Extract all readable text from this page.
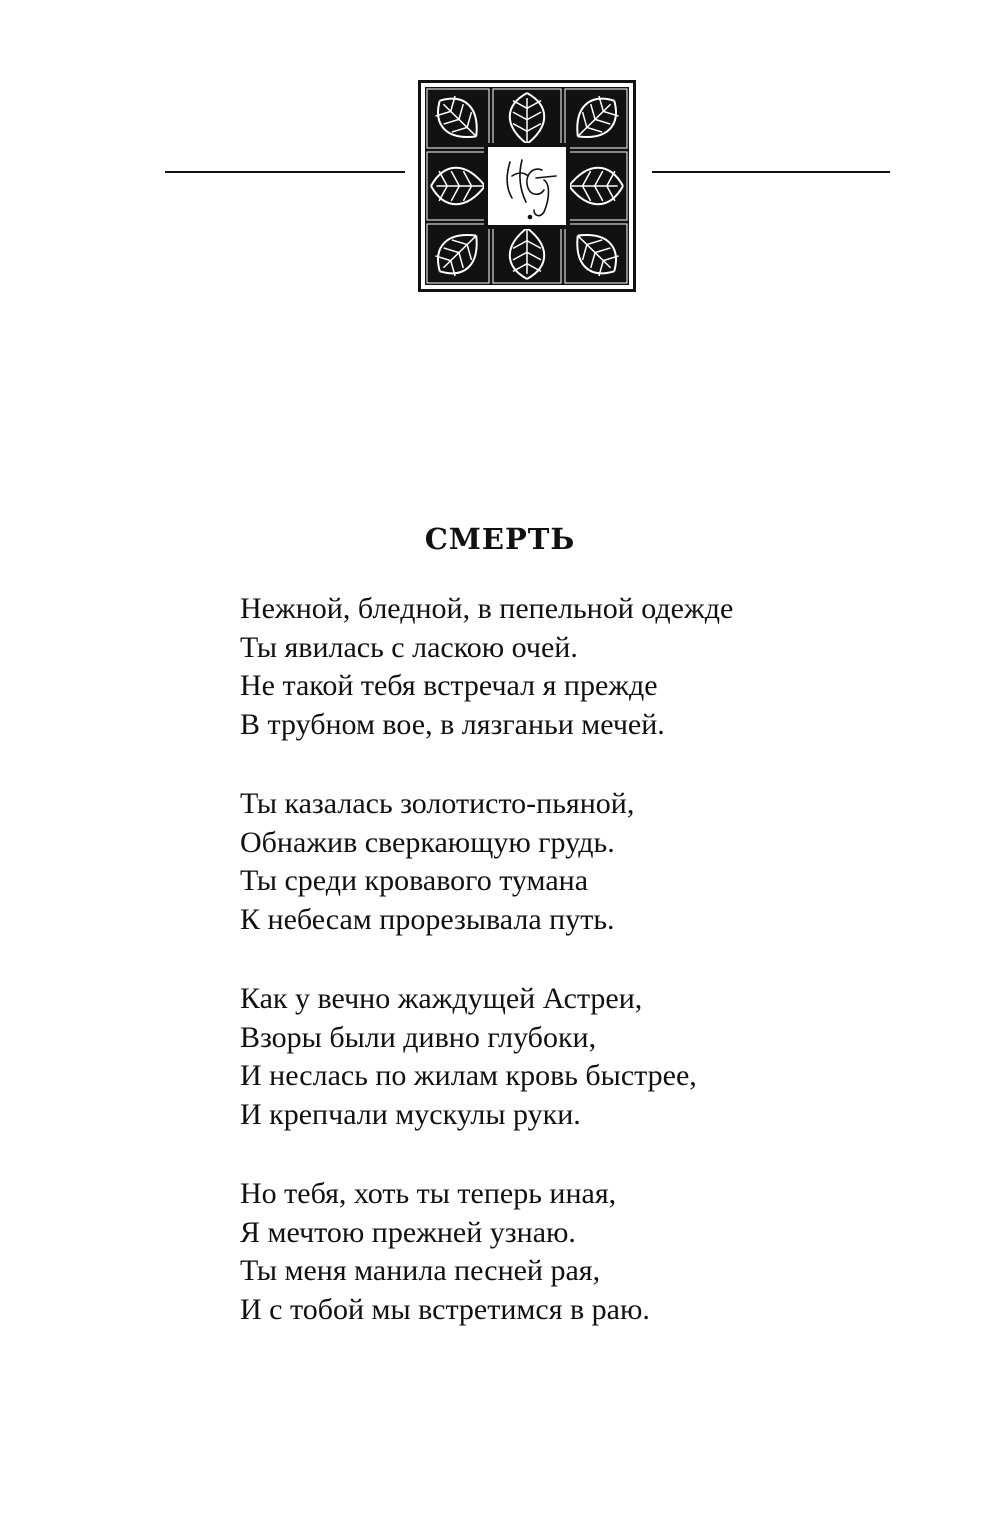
СМЕРТЬ
Нежной, бледной, в пепельной одежде
Ты явилась с ласкою очей.
Не такой тебя встречал я прежде
В трубном вое, в лязганьи мечей.
Ты казалась золотисто-пьяной,
Обнажив сверкающую грудь.
Ты среди кровавого тумана
К небесам прорезывала путь.
Как у вечно жаждущей Астреи,
Взоры были дивно глубоки,
И неслась по жилам кровь быстрее,
И крепчали мускулы руки.
Но тебя, хоть ты теперь иная,
Я мечтою прежней узнаю.
Ты меня манила песней рая,
И с тобой мы встретимся в раю.
